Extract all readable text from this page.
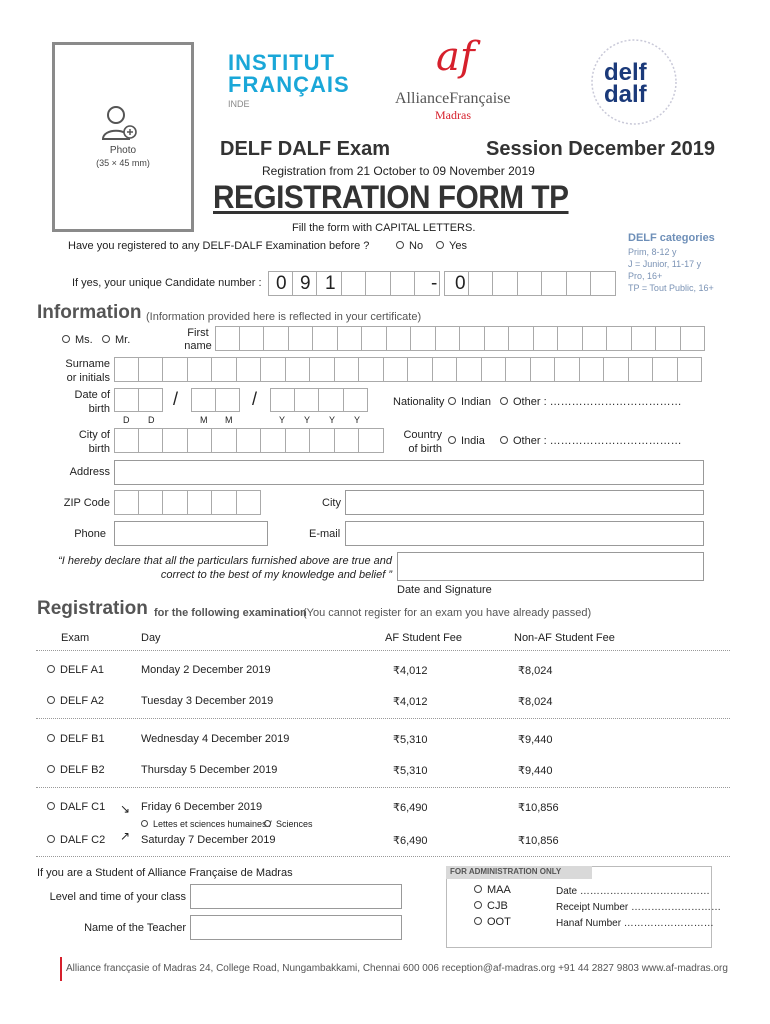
Photo
(35 × 45 mm)
INSTITUT
FRANÇAIS
INDE
af
AllianceFrançaise
Madras
delf
dalf
DELF DALF Exam	Session December 2019
Registration from 21 October to 09 November 2019
REGISTRATION FORM TP
Fill the form with CAPITAL LETTERS.
Have you registered to any DELF-DALF Examination before ?	No	Yes
If yes, your unique Candidate number : 0 9 1	- 0
DELF categories
Prim, 8-12 y
J = Junior, 11-17 y
Pro, 16+
TP = Tout Public, 16+
Information (Information provided here is reflected in your certificate)
Ms.	Mr.
First name
Surname
or initials
Date of
birth	/	/
D D	M M	Y Y Y Y
Nationality	Indian	Other : ………………………………
City of
birth
Country
of birth
India	Other : ………………………………
Address
ZIP Code	City
Phone	E-mail
“I hereby declare that all the particulars furnished above are true and
correct to the best of my knowledge and belief ”
Date and Signature
Registration for the following examination
(You cannot register for an exam you have already passed)
Exam	Day	AF Student Fee	Non-AF Student Fee
DELF A1	Monday 2 December 2019	₹4,012	₹8,024
DELF A2	Tuesday 3 December 2019	₹4,012	₹8,024
DELF B1	Wednesday 4 December 2019	₹5,310	₹9,440
DELF B2	Thursday 5 December 2019	₹5,310	₹9,440
DALF C1 ↘ Friday 6 December 2019	₹6,490	₹10,856
Lettes et sciences humaines / Sciences
DALF C2 ↗ Saturday 7 December 2019	₹6,490	₹10,856
If you are a Student of Alliance Française de Madras
Level and time of your class
Name of the Teacher
FOR ADMINISTRATION ONLY
MAA
CJB
OOT
Date …………………………………
Receipt Number ………………………
Hanaf Number ………………………
Alliance francçasie of Madras 24, College Road, Nungambakkami, Chennai 600 006 reception@af-madras.org +91 44 2827 9803 www.af-madras.org
